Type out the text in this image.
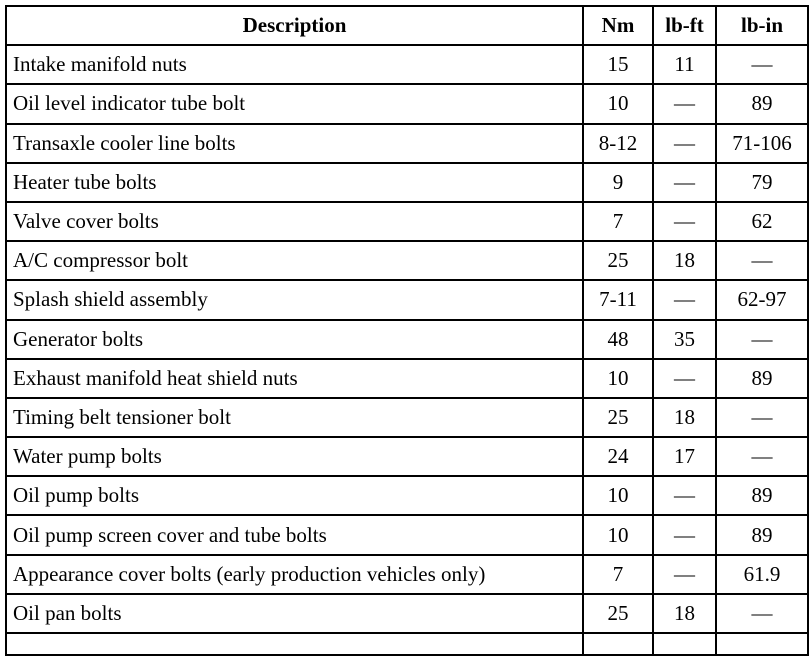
Description	Nm	lb-ft	lb-in
Intake manifold nuts	15	11	—
Oil level indicator tube bolt	10	—	89
Transaxle cooler line bolts	8-12	—	71-106
Heater tube bolts	9	—	79
Valve cover bolts	7	—	62
A/C compressor bolt	25	18	—
Splash shield assembly	7-11	—	62-97
Generator bolts	48	35	—
Exhaust manifold heat shield nuts	10	—	89
Timing belt tensioner bolt	25	18	—
Water pump bolts	24	17	—
Oil pump bolts	10	—	89
Oil pump screen cover and tube bolts	10	—	89
Appearance cover bolts (early production vehicles only)	7	—	61.9
Oil pan bolts	25	18	—
